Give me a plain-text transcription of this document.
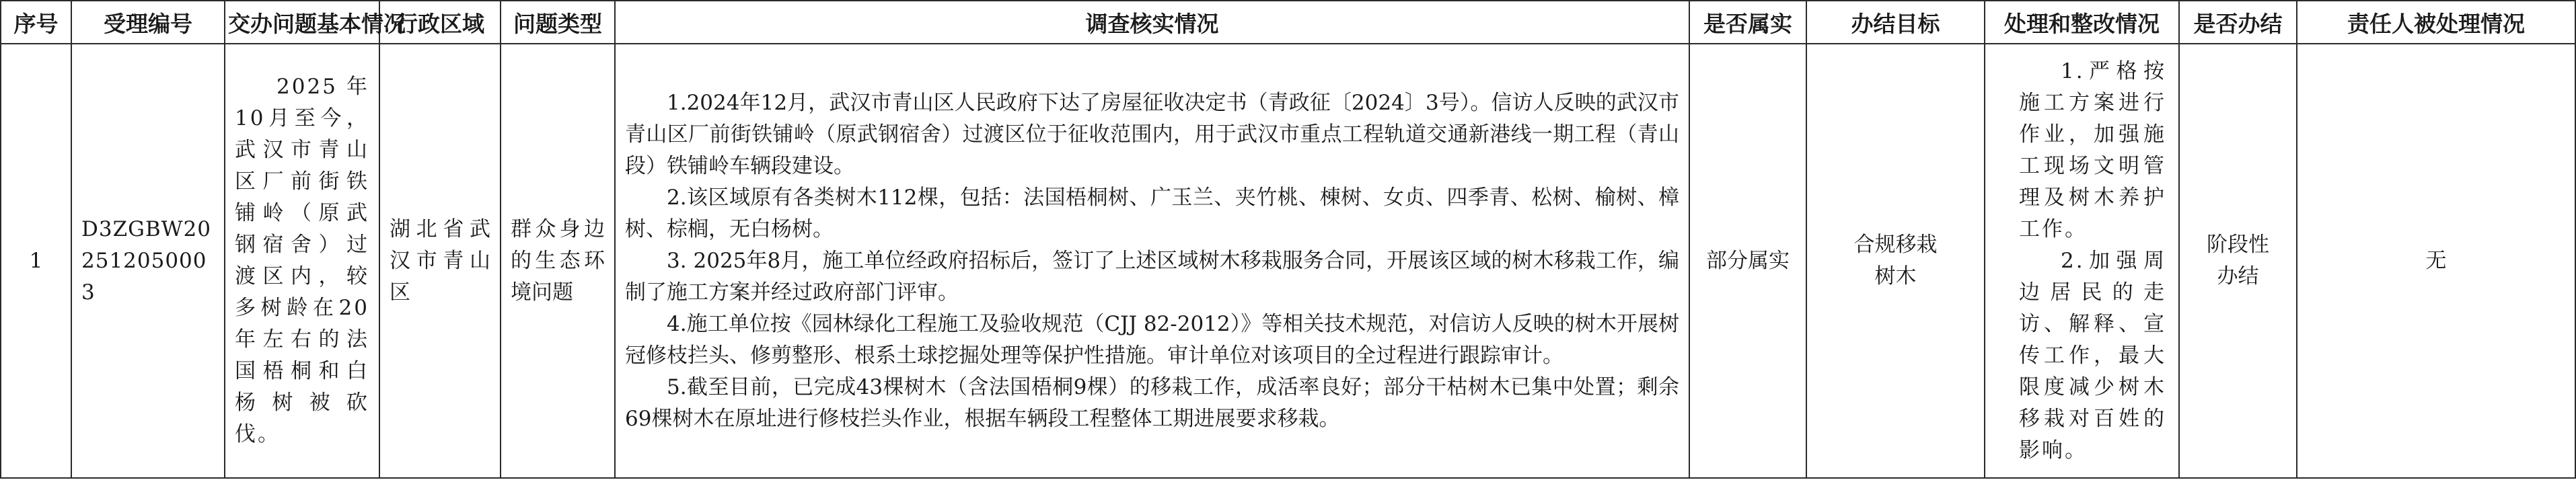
序号	受理编号	交办问题基本情况	行政区域	问题类型	调查核实情况	是否属实	办结目标	处理和整改情况	是否办结	责任人被处理情况
1	D3ZGBW202512050003	2025年10月至今，武汉市青山区厂前街铁铺岭（原武钢宿舍）过渡区内，较多树龄在20年左右的法国梧桐和白杨树被砍伐。	湖北省武汉市青山区	群众身边的生态环境问题	1.2024年12月，武汉市青山区人民政府下达了房屋征收决定书（青政征〔2024〕3号）。信访人反映的武汉市青山区厂前街铁铺岭（原武钢宿舍）过渡区位于征收范围内，用于武汉市重点工程轨道交通新港线一期工程（青山段）铁铺岭车辆段建设。
2.该区域原有各类树木112棵，包括：法国梧桐树、广玉兰、夹竹桃、棟树、女贞、四季青、松树、榆树、樟树、棕榈，无白杨树。
3. 2025年8月，施工单位经政府招标后，签订了上述区域树木移栽服务合同，开展该区域的树木移栽工作，编制了施工方案并经过政府部门评审。
4.施工单位按《园林绿化工程施工及验收规范（CJJ 82-2012）》等相关技术规范，对信访人反映的树木开展树冠修枝拦头、修剪整形、根系土球挖掘处理等保护性措施。审计单位对该项目的全过程进行跟踪审计。
5.截至目前，已完成43棵树木（含法国梧桐9棵）的移栽工作，成活率良好；部分干枯树木已集中处置；剩余69棵树木在原址进行修枝拦头作业，根据车辆段工程整体工期进展要求移栽。	部分属实	合规移栽树木	1.严格按施工方案进行作业，加强施工现场文明管理及树木养护工作。
2.加强周边居民的走访、解释、宣传工作，最大限度减少树木移栽对百姓的影响。	阶段性办结	无
